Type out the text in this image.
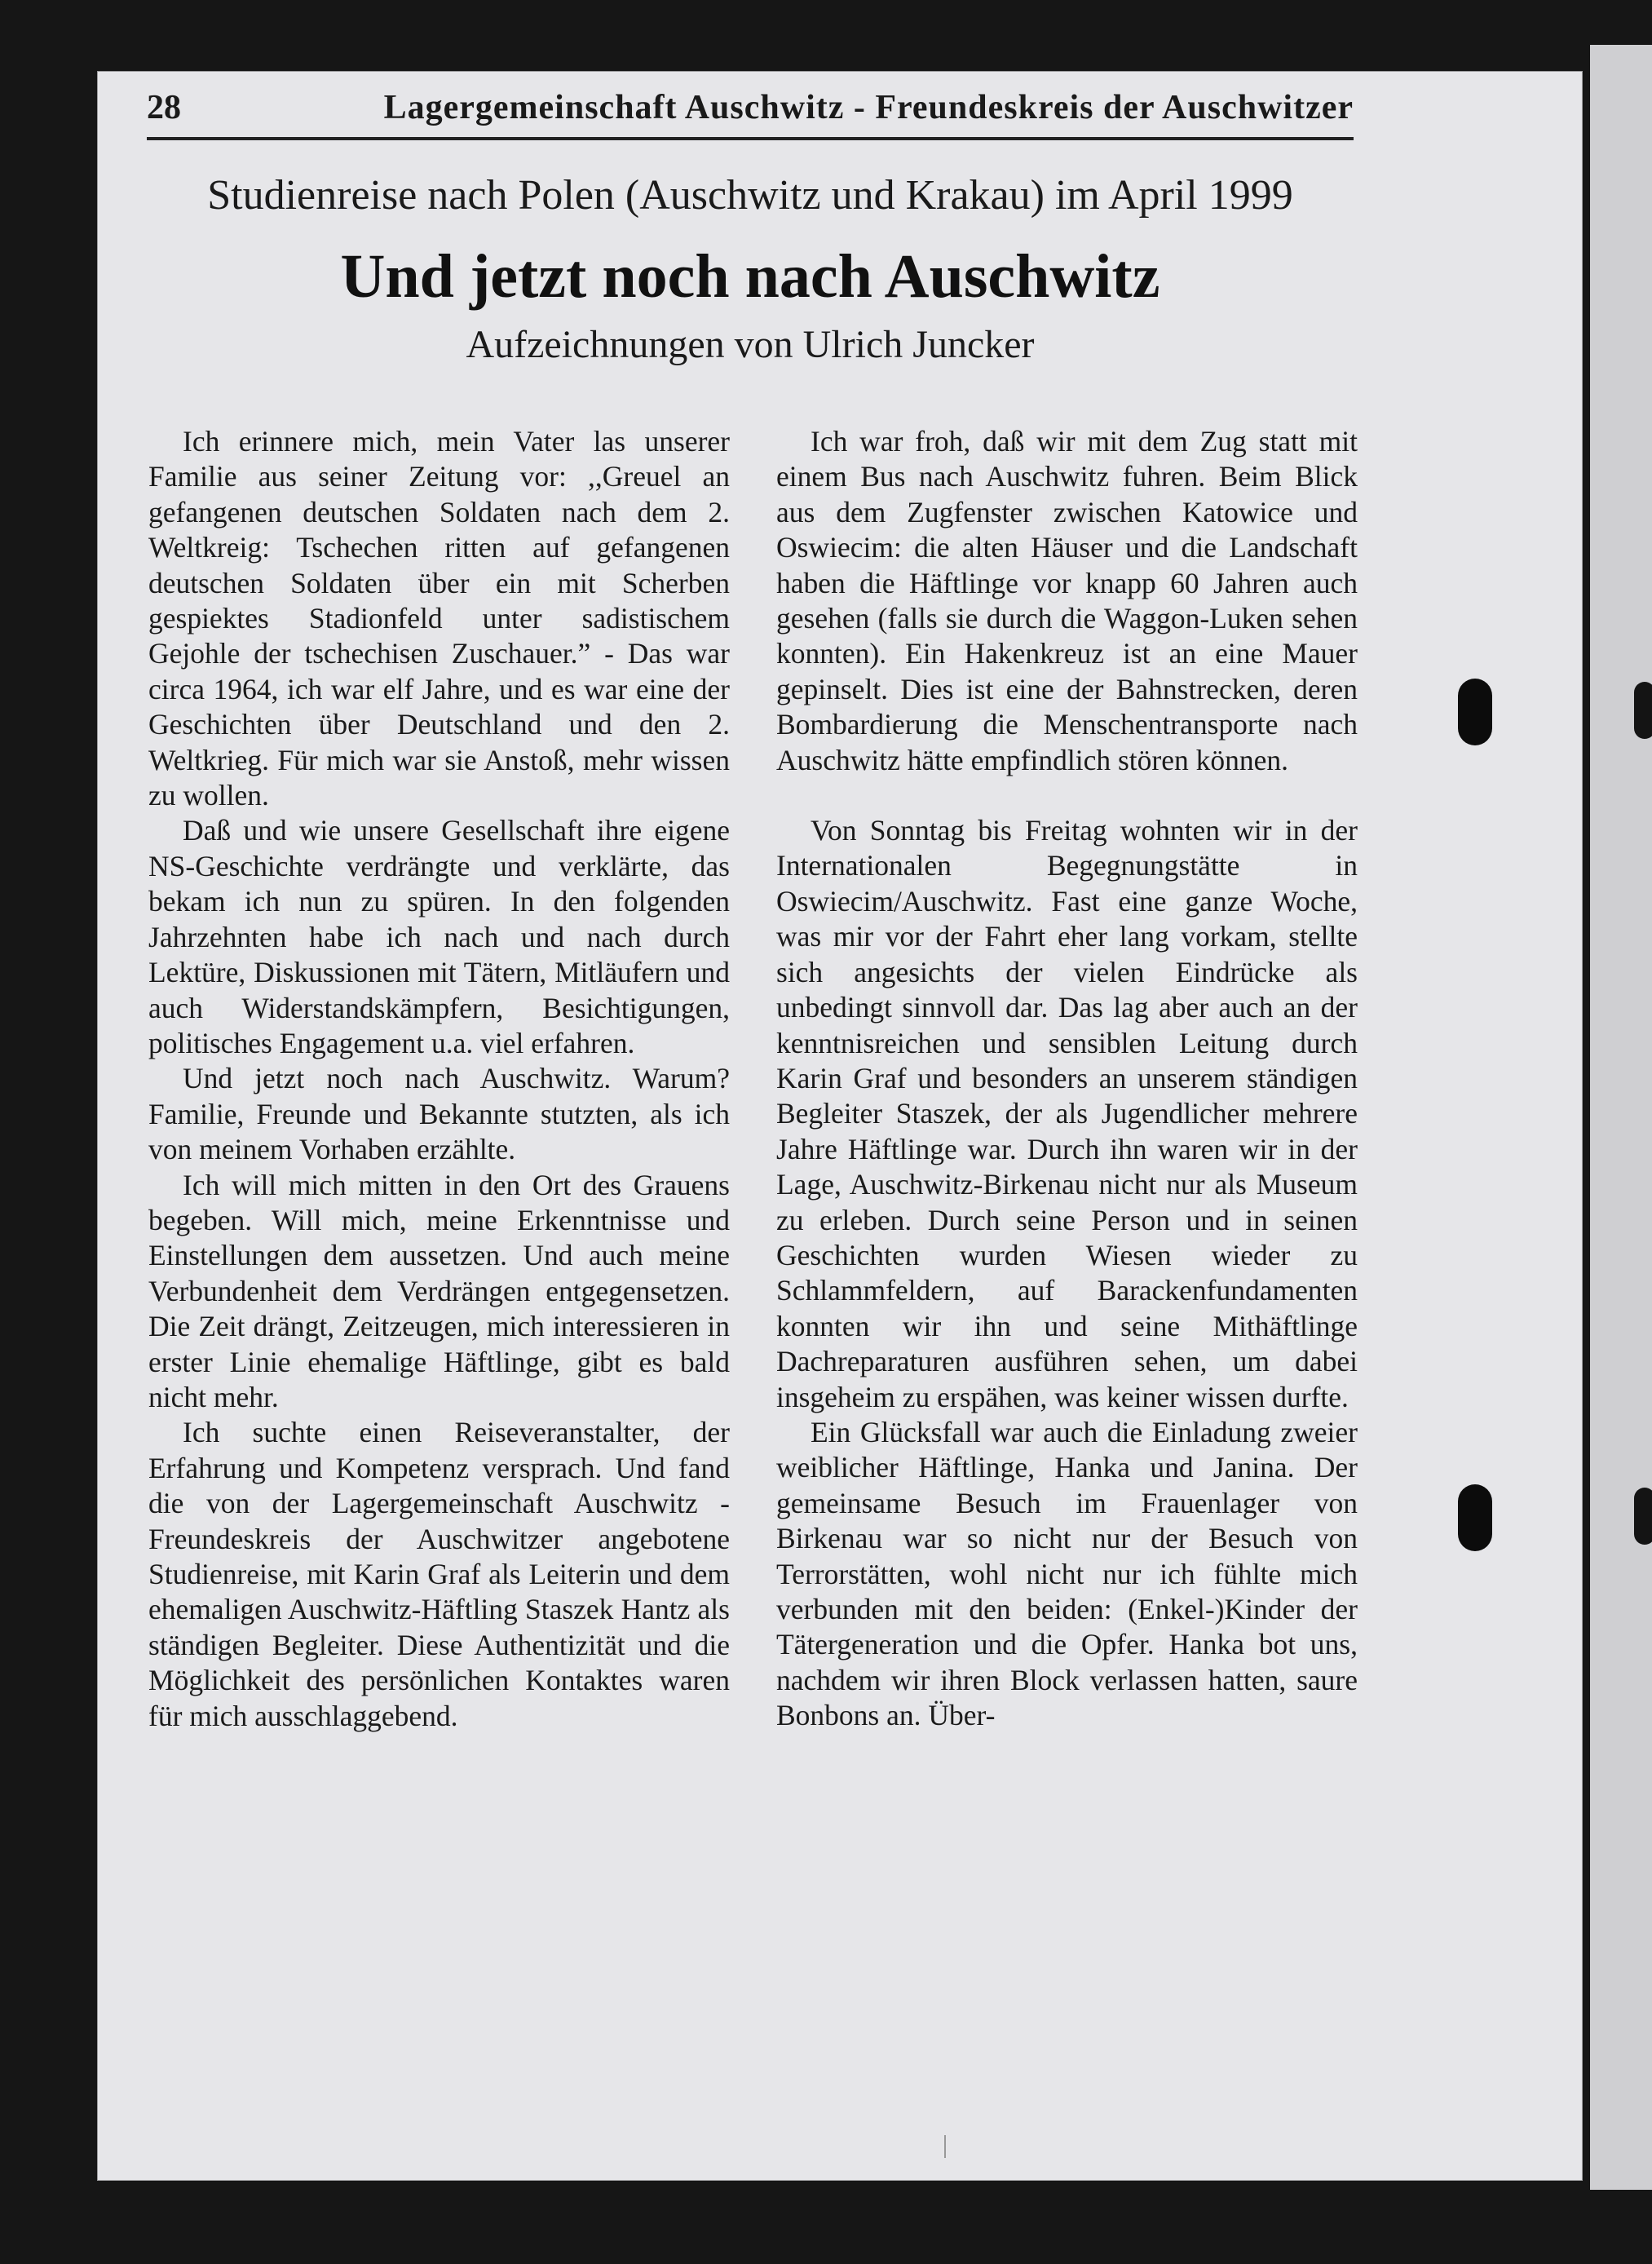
28	Lagergemeinschaft Auschwitz - Freundeskreis der Auschwitzer
Studienreise nach Polen (Auschwitz und Krakau) im April 1999
Und jetzt noch nach Auschwitz
Aufzeichnungen von Ulrich Juncker

Ich erinnere mich, mein Vater las unserer Familie aus seiner Zeitung vor: ,,Greuel an gefangenen deutschen Soldaten nach dem 2. Weltkreig: Tschechen ritten auf gefangenen deutschen Soldaten über ein mit Scherben gespiektes Stadionfeld unter sadistischem Gejohle der tschechisen Zuschauer.” - Das war circa 1964, ich war elf Jahre, und es war eine der Geschichten über Deutschland und den 2. Weltkrieg. Für mich war sie Anstoß, mehr wissen zu wollen.

Daß und wie unsere Gesellschaft ihre eigene NS-Geschichte verdrängte und verklärte, das bekam ich nun zu spüren. In den folgenden Jahrzehnten habe ich nach und nach durch Lektüre, Diskussionen mit Tätern, Mitläufern und auch Widerstandskämpfern, Besichtigungen, politisches Engagement u.a. viel erfahren.

Und jetzt noch nach Auschwitz. Warum? Familie, Freunde und Bekannte stutzten, als ich von meinem Vorhaben erzählte.

Ich will mich mitten in den Ort des Grauens begeben. Will mich, meine Erkenntnisse und Einstellungen dem aussetzen. Und auch meine Verbundenheit dem Verdrängen entgegensetzen. Die Zeit drängt, Zeitzeugen, mich interessieren in erster Linie ehemalige Häftlinge, gibt es bald nicht mehr.

Ich suchte einen Reiseveranstalter, der Erfahrung und Kompetenz versprach. Und fand die von der Lagergemeinschaft Auschwitz - Freundeskreis der Auschwitzer angebotene Studienreise, mit Karin Graf als Leiterin und dem ehemaligen Auschwitz-Häftling Staszek Hantz als ständigen Begleiter. Diese Authentizität und die Möglichkeit des persönlichen Kontaktes waren für mich ausschlaggebend.

Ich war froh, daß wir mit dem Zug statt mit einem Bus nach Auschwitz fuhren. Beim Blick aus dem Zugfenster zwischen Katowice und Oswiecim: die alten Häuser und die Landschaft haben die Häftlinge vor knapp 60 Jahren auch gesehen (falls sie durch die Waggon-Luken sehen konnten). Ein Hakenkreuz ist an eine Mauer gepinselt. Dies ist eine der Bahnstrecken, deren Bombardierung die Menschentransporte nach Auschwitz hätte empfindlich stören können.

Von Sonntag bis Freitag wohnten wir in der Internationalen Begegnungstätte in Oswiecim/Auschwitz. Fast eine ganze Woche, was mir vor der Fahrt eher lang vorkam, stellte sich angesichts der vielen Eindrücke als unbedingt sinnvoll dar. Das lag aber auch an der kenntnisreichen und sensiblen Leitung durch Karin Graf und besonders an unserem ständigen Begleiter Staszek, der als Jugendlicher mehrere Jahre Häftlinge war. Durch ihn waren wir in der Lage, Auschwitz-Birkenau nicht nur als Museum zu erleben. Durch seine Person und in seinen Geschichten wurden Wiesen wieder zu Schlammfeldern, auf Barackenfundamenten konnten wir ihn und seine Mithäftlinge Dachreparaturen ausführen sehen, um dabei insgeheim zu erspähen, was keiner wissen durfte.

Ein Glücksfall war auch die Einladung zweier weiblicher Häftlinge, Hanka und Janina. Der gemeinsame Besuch im Frauenlager von Birkenau war so nicht nur der Besuch von Terrorstätten, wohl nicht nur ich fühlte mich verbunden mit den beiden: (Enkel-)Kinder der Tätergeneration und die Opfer. Hanka bot uns, nachdem wir ihren Block verlassen hatten, saure Bonbons an. Über-
